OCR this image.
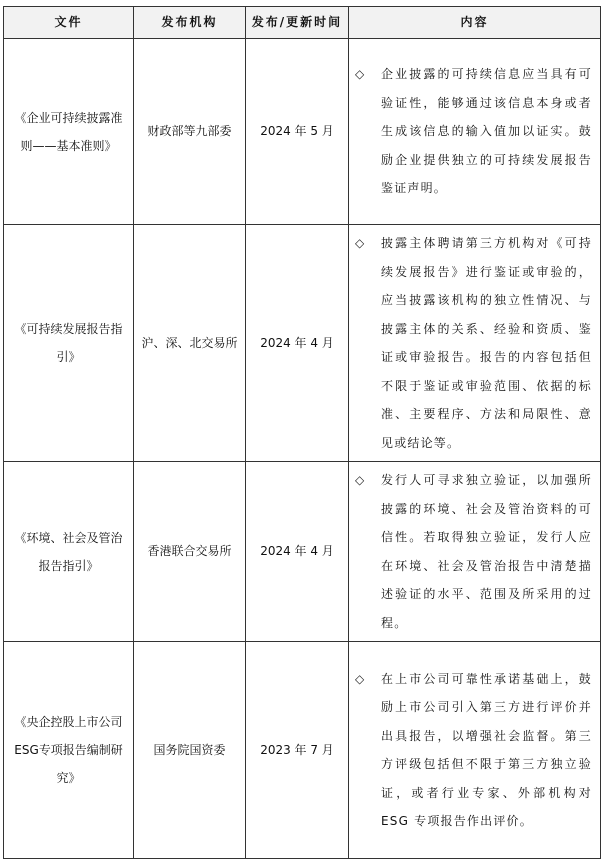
文件	发布机构	发布/更新时间	内容
《企业可持续披露准则——基本准则》	财政部等九部委	2024 年 5 月	◇ 企业披露的可持续信息应当具有可验证性，能够通过该信息本身或者生成该信息的输入值加以证实。鼓励企业提供独立的可持续发展报告鉴证声明。

《可持续发展报告指引》	沪、深、北交易所	2024 年 4 月	◇ 披露主体聘请第三方机构对《可持续发展报告》进行鉴证或审验的，应当披露该机构的独立性情况、与披露主体的关系、经验和资质、鉴证或审验报告。报告的内容包括但不限于鉴证或审验范围、依据的标准、主要程序、方法和局限性、意见或结论等。

《环境、社会及管治报告指引》	香港联合交易所	2024 年 4 月	◇ 发行人可寻求独立验证，以加强所披露的环境、社会及管治资料的可信性。若取得独立验证，发行人应在环境、社会及管治报告中清楚描述验证的水平、范围及所采用的过程。

《央企控股上市公司ESG专项报告编制研究》	国务院国资委	2023 年 7 月	◇ 在上市公司可靠性承诺基础上，鼓励上市公司引入第三方进行评价并出具报告，以增强社会监督。第三方评级包括但不限于第三方独立验证，或者行业专家、外部机构对 ESG 专项报告作出评价。
